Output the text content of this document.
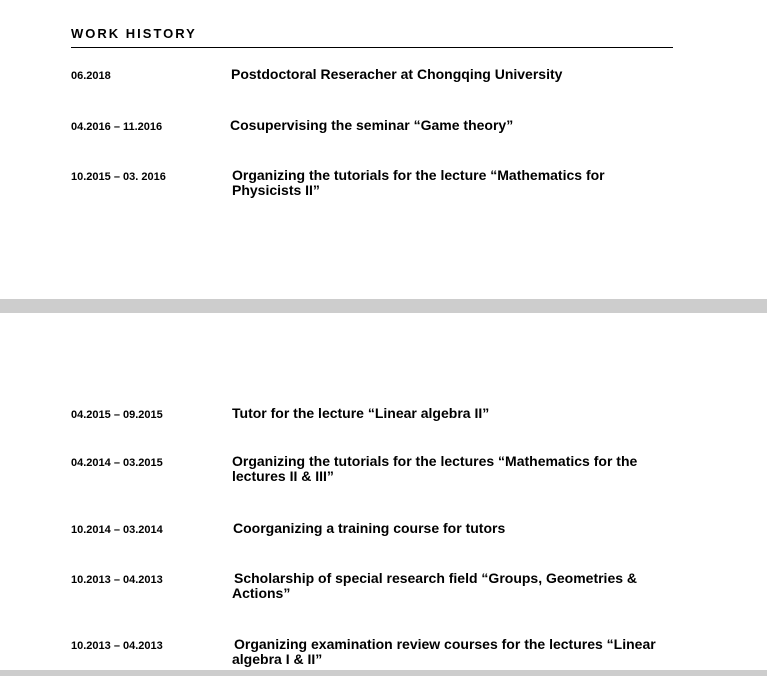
WORK HISTORY
06.2018	Postdoctoral Reseracher at Chongqing University
04.2016 – 11.2016	Cosupervising the seminar “Game theory”
10.2015 – 03. 2016	Organizing the tutorials for the lecture “Mathematics for Physicists II”
04.2015 – 09.2015	Tutor for the lecture “Linear algebra II”
04.2014 – 03.2015	Organizing the tutorials for the lectures “Mathematics for the lectures II & III”
10.2014 – 03.2014	Coorganizing a training course for tutors
10.2013 – 04.2013	Scholarship of special research field “Groups, Geometries & Actions”
10.2013 – 04.2013	Organizing examination review courses for the lectures “Linear algebra I & II”
